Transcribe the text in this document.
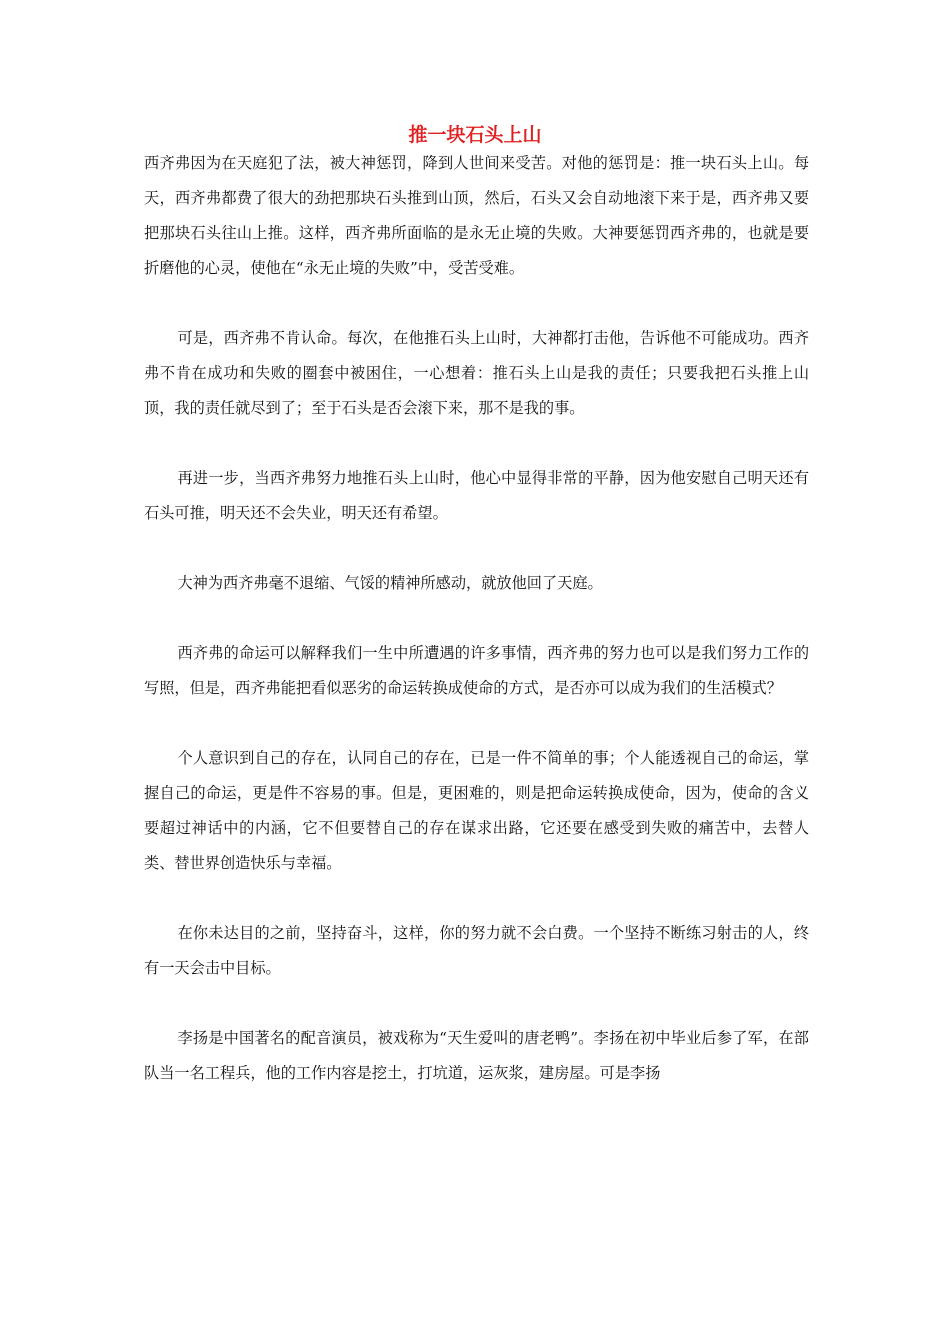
推一块石头上山

西齐弗因为在天庭犯了法，被大神惩罚，降到人世间来受苦。对他的惩罚是：推一块石头上山。每天，西齐弗都费了很大的劲把那块石头推到山顶，然后，石头又会自动地滚下来于是，西齐弗又要把那块石头往山上推。这样，西齐弗所面临的是永无止境的失败。大神要惩罚西齐弗的，也就是要折磨他的心灵，使他在“永无止境的失败”中，受苦受难。

可是，西齐弗不肯认命。每次，在他推石头上山时，大神都打击他，告诉他不可能成功。西齐弗不肯在成功和失败的圈套中被困住，一心想着：推石头上山是我的责任；只要我把石头推上山顶，我的责任就尽到了；至于石头是否会滚下来，那不是我的事。

再进一步，当西齐弗努力地推石头上山时，他心中显得非常的平静，因为他安慰自己明天还有石头可推，明天还不会失业，明天还有希望。

大神为西齐弗毫不退缩、气馁的精神所感动，就放他回了天庭。

西齐弗的命运可以解释我们一生中所遭遇的许多事情，西齐弗的努力也可以是我们努力工作的写照，但是，西齐弗能把看似恶劣的命运转换成使命的方式，是否亦可以成为我们的生活模式？

个人意识到自己的存在，认同自己的存在，已是一件不简单的事；个人能透视自己的命运，掌握自己的命运，更是件不容易的事。但是，更困难的，则是把命运转换成使命，因为，使命的含义要超过神话中的内涵，它不但要替自己的存在谋求出路，它还要在感受到失败的痛苦中，去替人类、替世界创造快乐与幸福。

在你未达目的之前，坚持奋斗，这样，你的努力就不会白费。一个坚持不断练习射击的人，终有一天会击中目标。

李扬是中国著名的配音演员，被戏称为“天生爱叫的唐老鸭”。李扬在初中毕业后参了军，在部队当一名工程兵，他的工作内容是挖土，打坑道，运灰浆，建房屋。可是李扬
